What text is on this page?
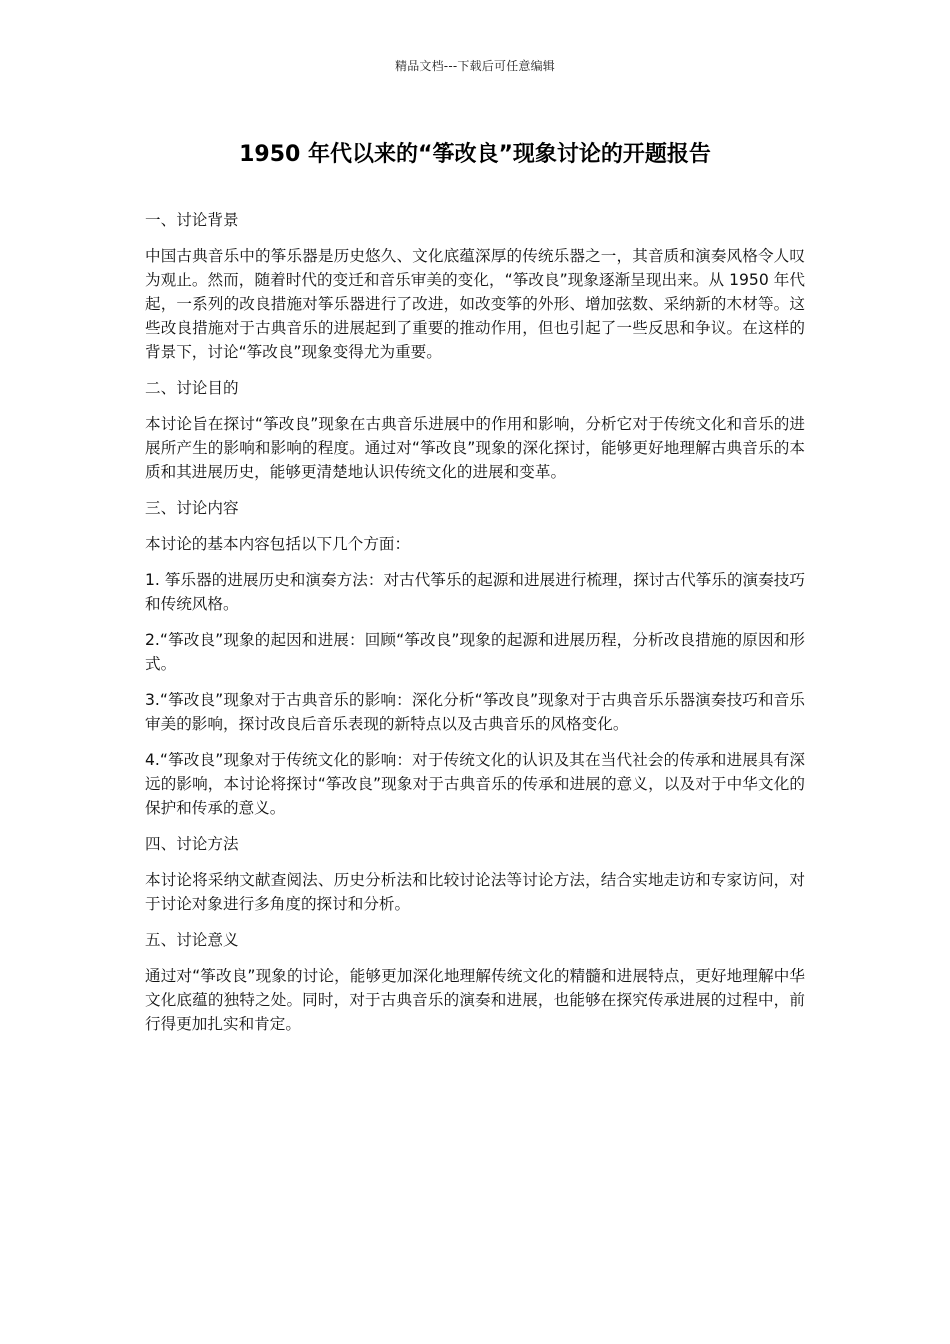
精品文档---下载后可任意编辑
1950 年代以来的“筝改良”现象讨论的开题报告

一、讨论背景

中国古典音乐中的筝乐器是历史悠久、文化底蕴深厚的传统乐器之一，其音质和演奏风格令人叹为观止。然而，随着时代的变迁和音乐审美的变化，“筝改良”现象逐渐呈现出来。从 1950 年代起，一系列的改良措施对筝乐器进行了改进，如改变筝的外形、增加弦数、采纳新的木材等。这些改良措施对于古典音乐的进展起到了重要的推动作用，但也引起了一些反思和争议。在这样的背景下，讨论“筝改良”现象变得尤为重要。

二、讨论目的

本讨论旨在探讨“筝改良”现象在古典音乐进展中的作用和影响，分析它对于传统文化和音乐的进展所产生的影响和影响的程度。通过对“筝改良”现象的深化探讨，能够更好地理解古典音乐的本质和其进展历史，能够更清楚地认识传统文化的进展和变革。

三、讨论内容

本讨论的基本内容包括以下几个方面：

1. 筝乐器的进展历史和演奏方法：对古代筝乐的起源和进展进行梳理，探讨古代筝乐的演奏技巧和传统风格。

2.“筝改良”现象的起因和进展：回顾“筝改良”现象的起源和进展历程，分析改良措施的原因和形式。

3.“筝改良”现象对于古典音乐的影响：深化分析“筝改良”现象对于古典音乐乐器演奏技巧和音乐审美的影响，探讨改良后音乐表现的新特点以及古典音乐的风格变化。

4.“筝改良”现象对于传统文化的影响：对于传统文化的认识及其在当代社会的传承和进展具有深远的影响，本讨论将探讨“筝改良”现象对于古典音乐的传承和进展的意义，以及对于中华文化的保护和传承的意义。

四、讨论方法

本讨论将采纳文献查阅法、历史分析法和比较讨论法等讨论方法，结合实地走访和专家访问，对于讨论对象进行多角度的探讨和分析。

五、讨论意义

通过对“筝改良”现象的讨论，能够更加深化地理解传统文化的精髓和进展特点，更好地理解中华文化底蕴的独特之处。同时，对于古典音乐的演奏和进展，也能够在探究传承进展的过程中，前行得更加扎实和肯定。
